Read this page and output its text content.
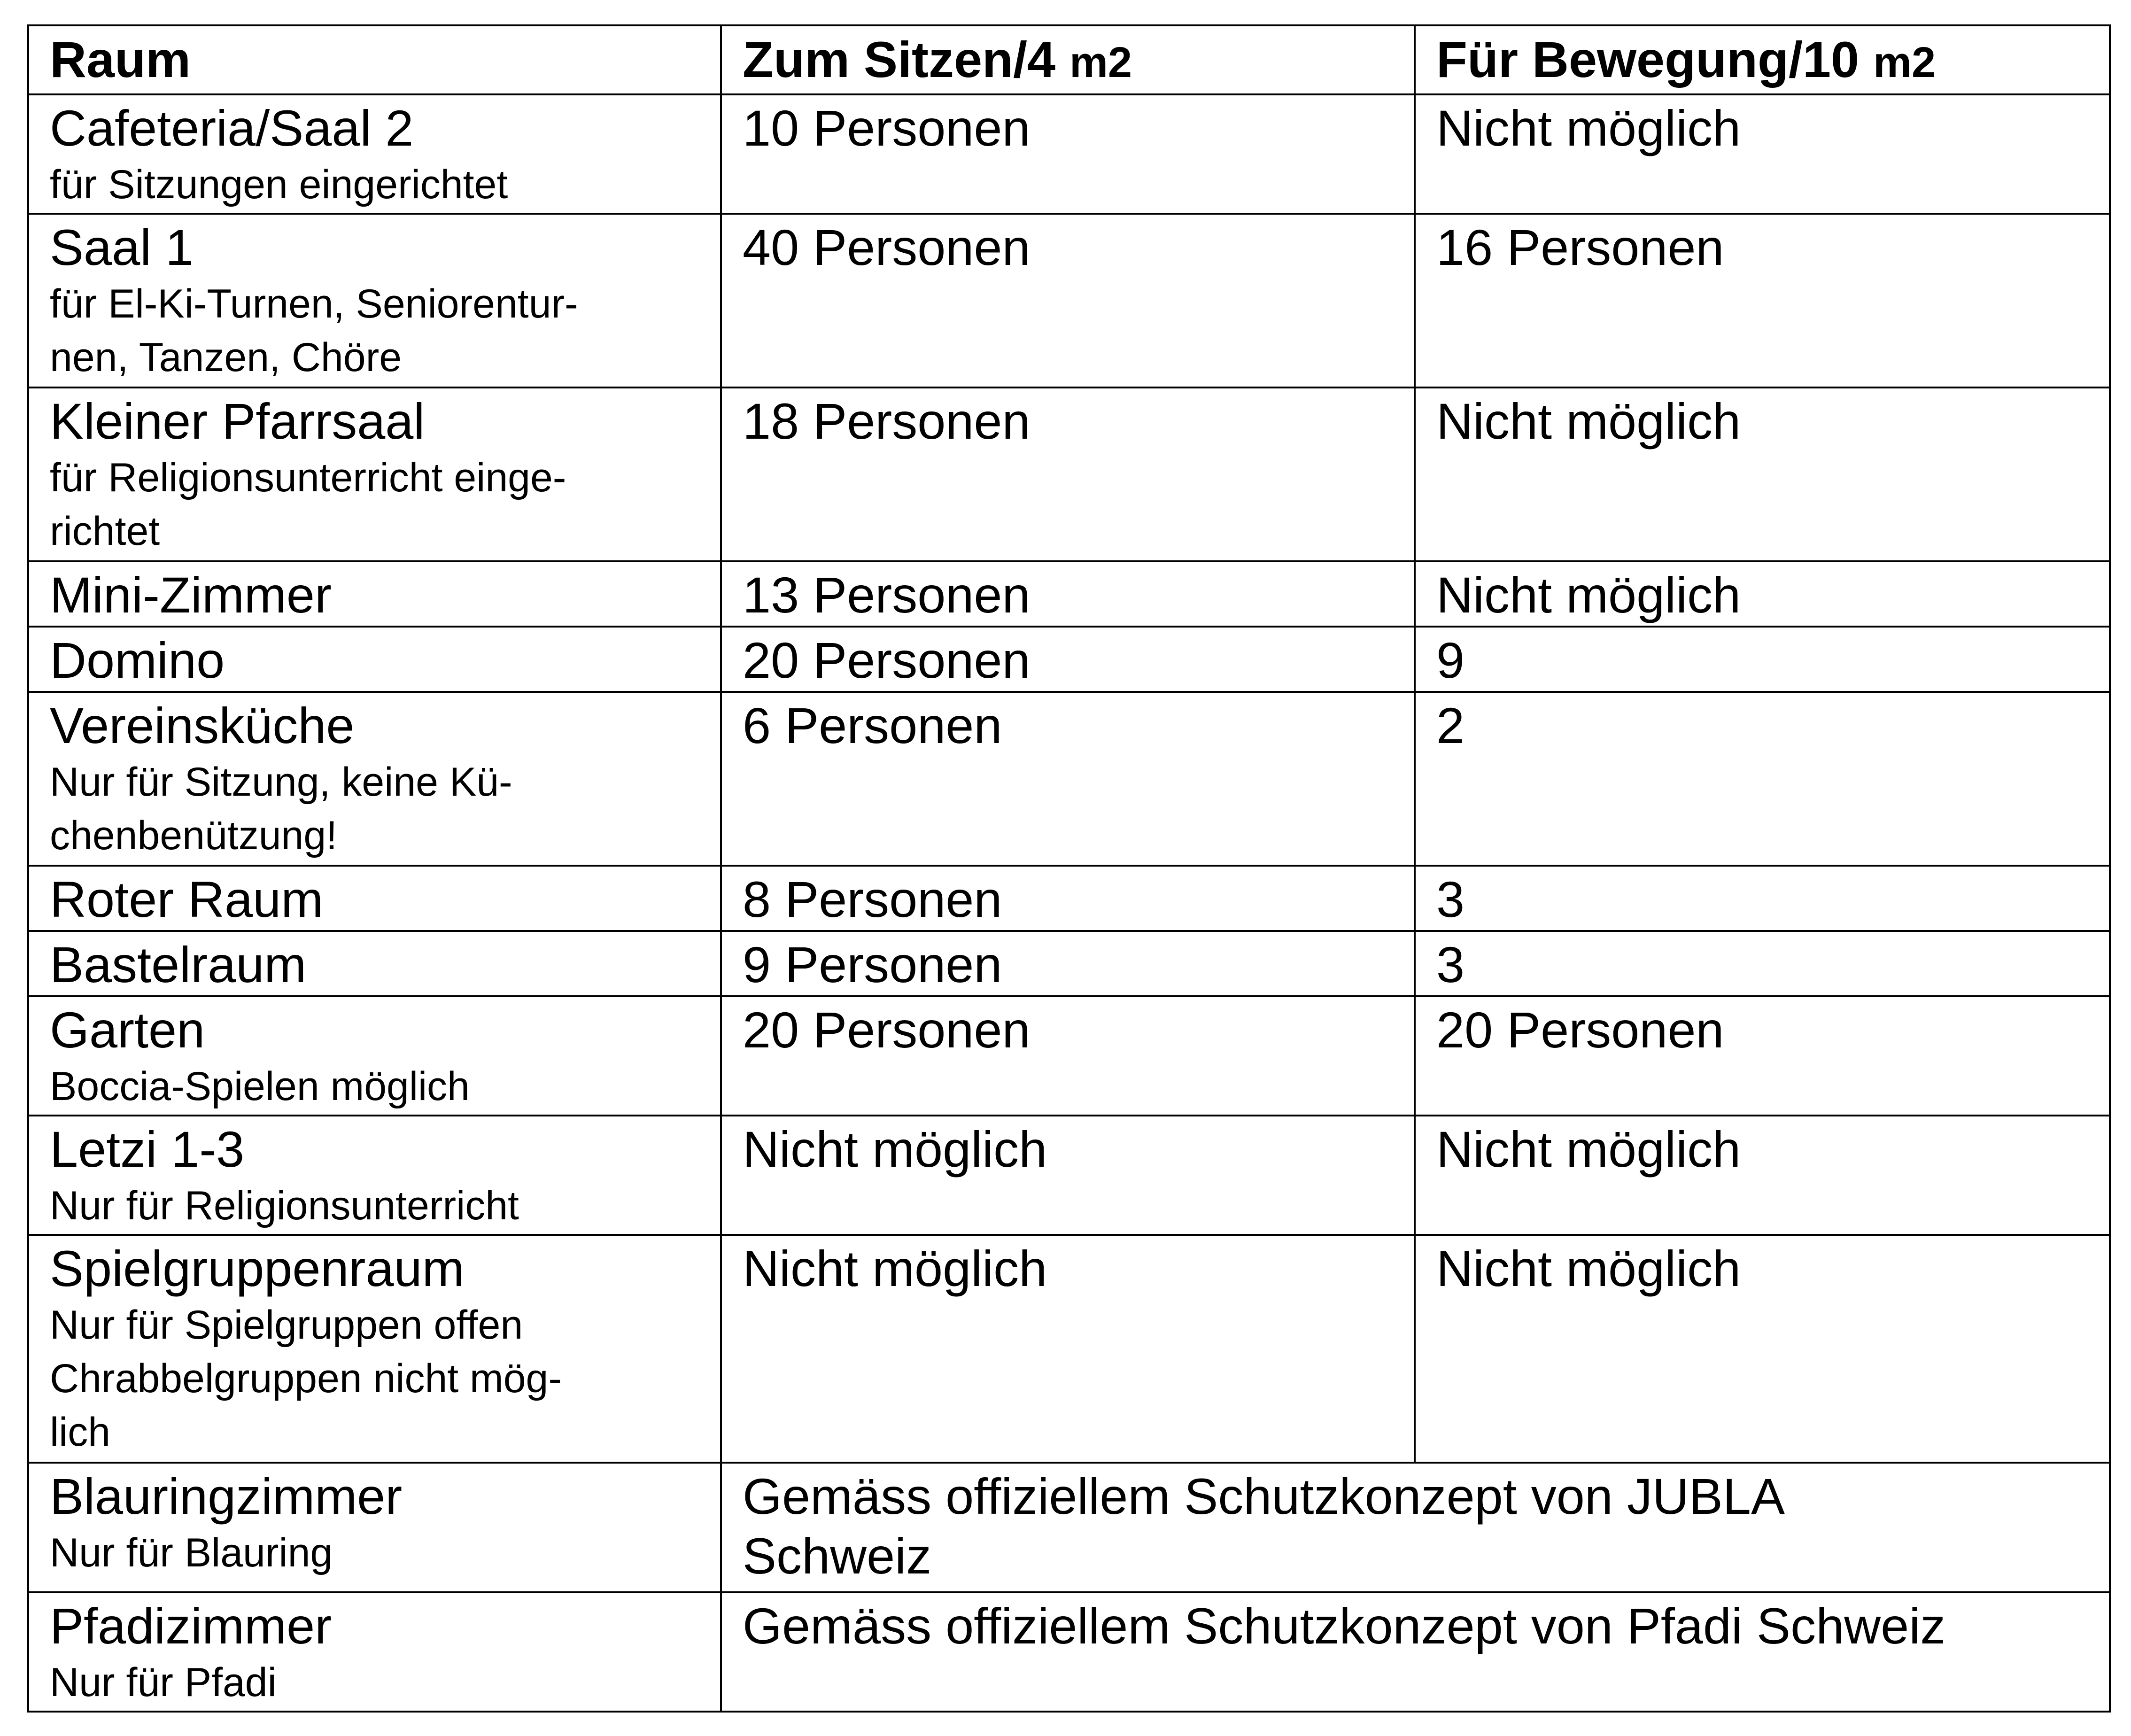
Raum	Zum Sitzen/4 m2	Für Bewegung/10 m2

Cafeteria/Saal 2
für Sitzungen eingerichtet	10 Personen	Nicht möglich

Saal 1
für El-Ki-Turnen, Seniorentur-
nen, Tanzen, Chöre	40 Personen	16 Personen

Kleiner Pfarrsaal
für Religionsunterricht einge-
richtet	18 Personen	Nicht möglich

Mini-Zimmer	13 Personen	Nicht möglich

Domino	20 Personen	9

Vereinsküche
Nur für Sitzung, keine Kü-
chenbenützung!	6 Personen	2

Roter Raum	8 Personen	3

Bastelraum	9 Personen	3

Garten
Boccia-Spielen möglich	20 Personen	20 Personen

Letzi 1-3
Nur für Religionsunterricht	Nicht möglich	Nicht möglich

Spielgruppenraum
Nur für Spielgruppen offen
Chrabbelgruppen nicht mög-
lich	Nicht möglich	Nicht möglich

Blauringzimmer
Nur für Blauring	Gemäss offiziellem Schutzkonzept von JUBLA
Schweiz	

Pfadizimmer
Nur für Pfadi	Gemäss offiziellem Schutzkonzept von Pfadi Schweiz	
